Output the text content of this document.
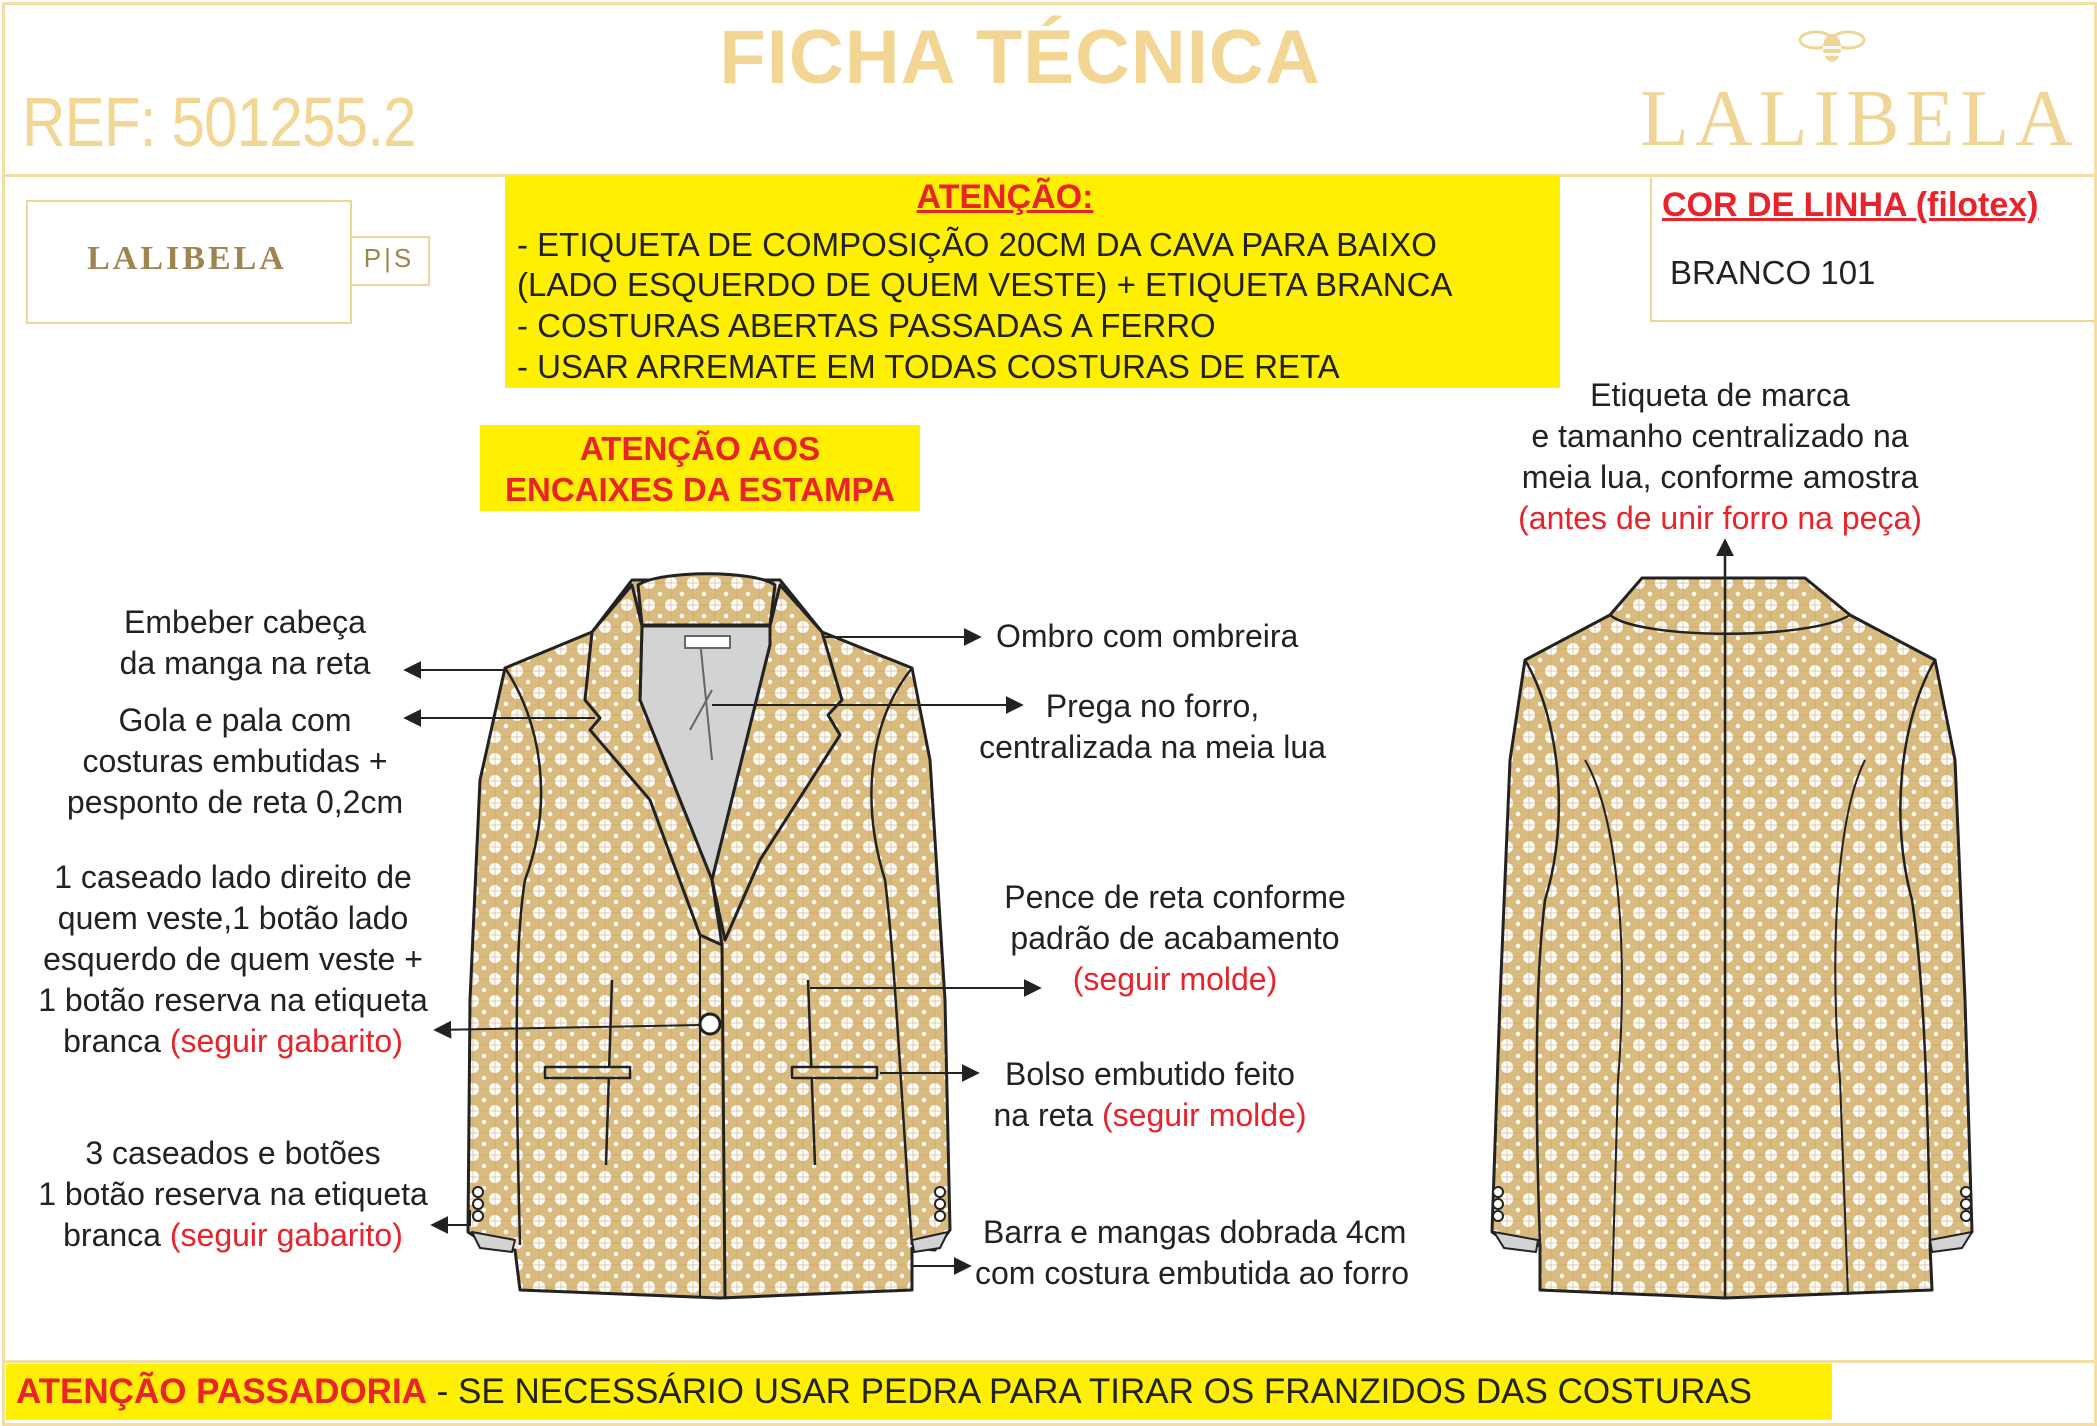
FICHA TÉCNICA
REF: 501255.2	LALIBELA
LALIBELA	P|S
ATENÇÃO:
- ETIQUETA DE COMPOSIÇÃO 20CM DA CAVA PARA BAIXO
(LADO ESQUERDO DE QUEM VESTE) + ETIQUETA BRANCA
- COSTURAS ABERTAS PASSADAS A FERRO
- USAR ARREMATE EM TODAS COSTURAS DE RETA
ATENÇÃO AOS
ENCAIXES DA ESTAMPA
COR DE LINHA (filotex)
BRANCO 101
Embeber cabeça
da manga na reta
Gola e pala com
costuras embutidas +
pesponto de reta 0,2cm
1 caseado lado direito de
quem veste,1 botão lado
esquerdo de quem veste +
1 botão reserva na etiqueta
branca (seguir gabarito)
3 caseados e botões
1 botão reserva na etiqueta
branca (seguir gabarito)
Ombro com ombreira
Prega no forro,
centralizada na meia lua
Pence de reta conforme
padrão de acabamento
(seguir molde)
Bolso embutido feito
na reta (seguir molde)
Barra e mangas dobrada 4cm
com costura embutida ao forro
Etiqueta de marca
e tamanho centralizado na
meia lua, conforme amostra
(antes de unir forro na peça)
ATENÇÃO PASSADORIA - SE NECESSÁRIO USAR PEDRA PARA TIRAR OS FRANZIDOS DAS COSTURAS
